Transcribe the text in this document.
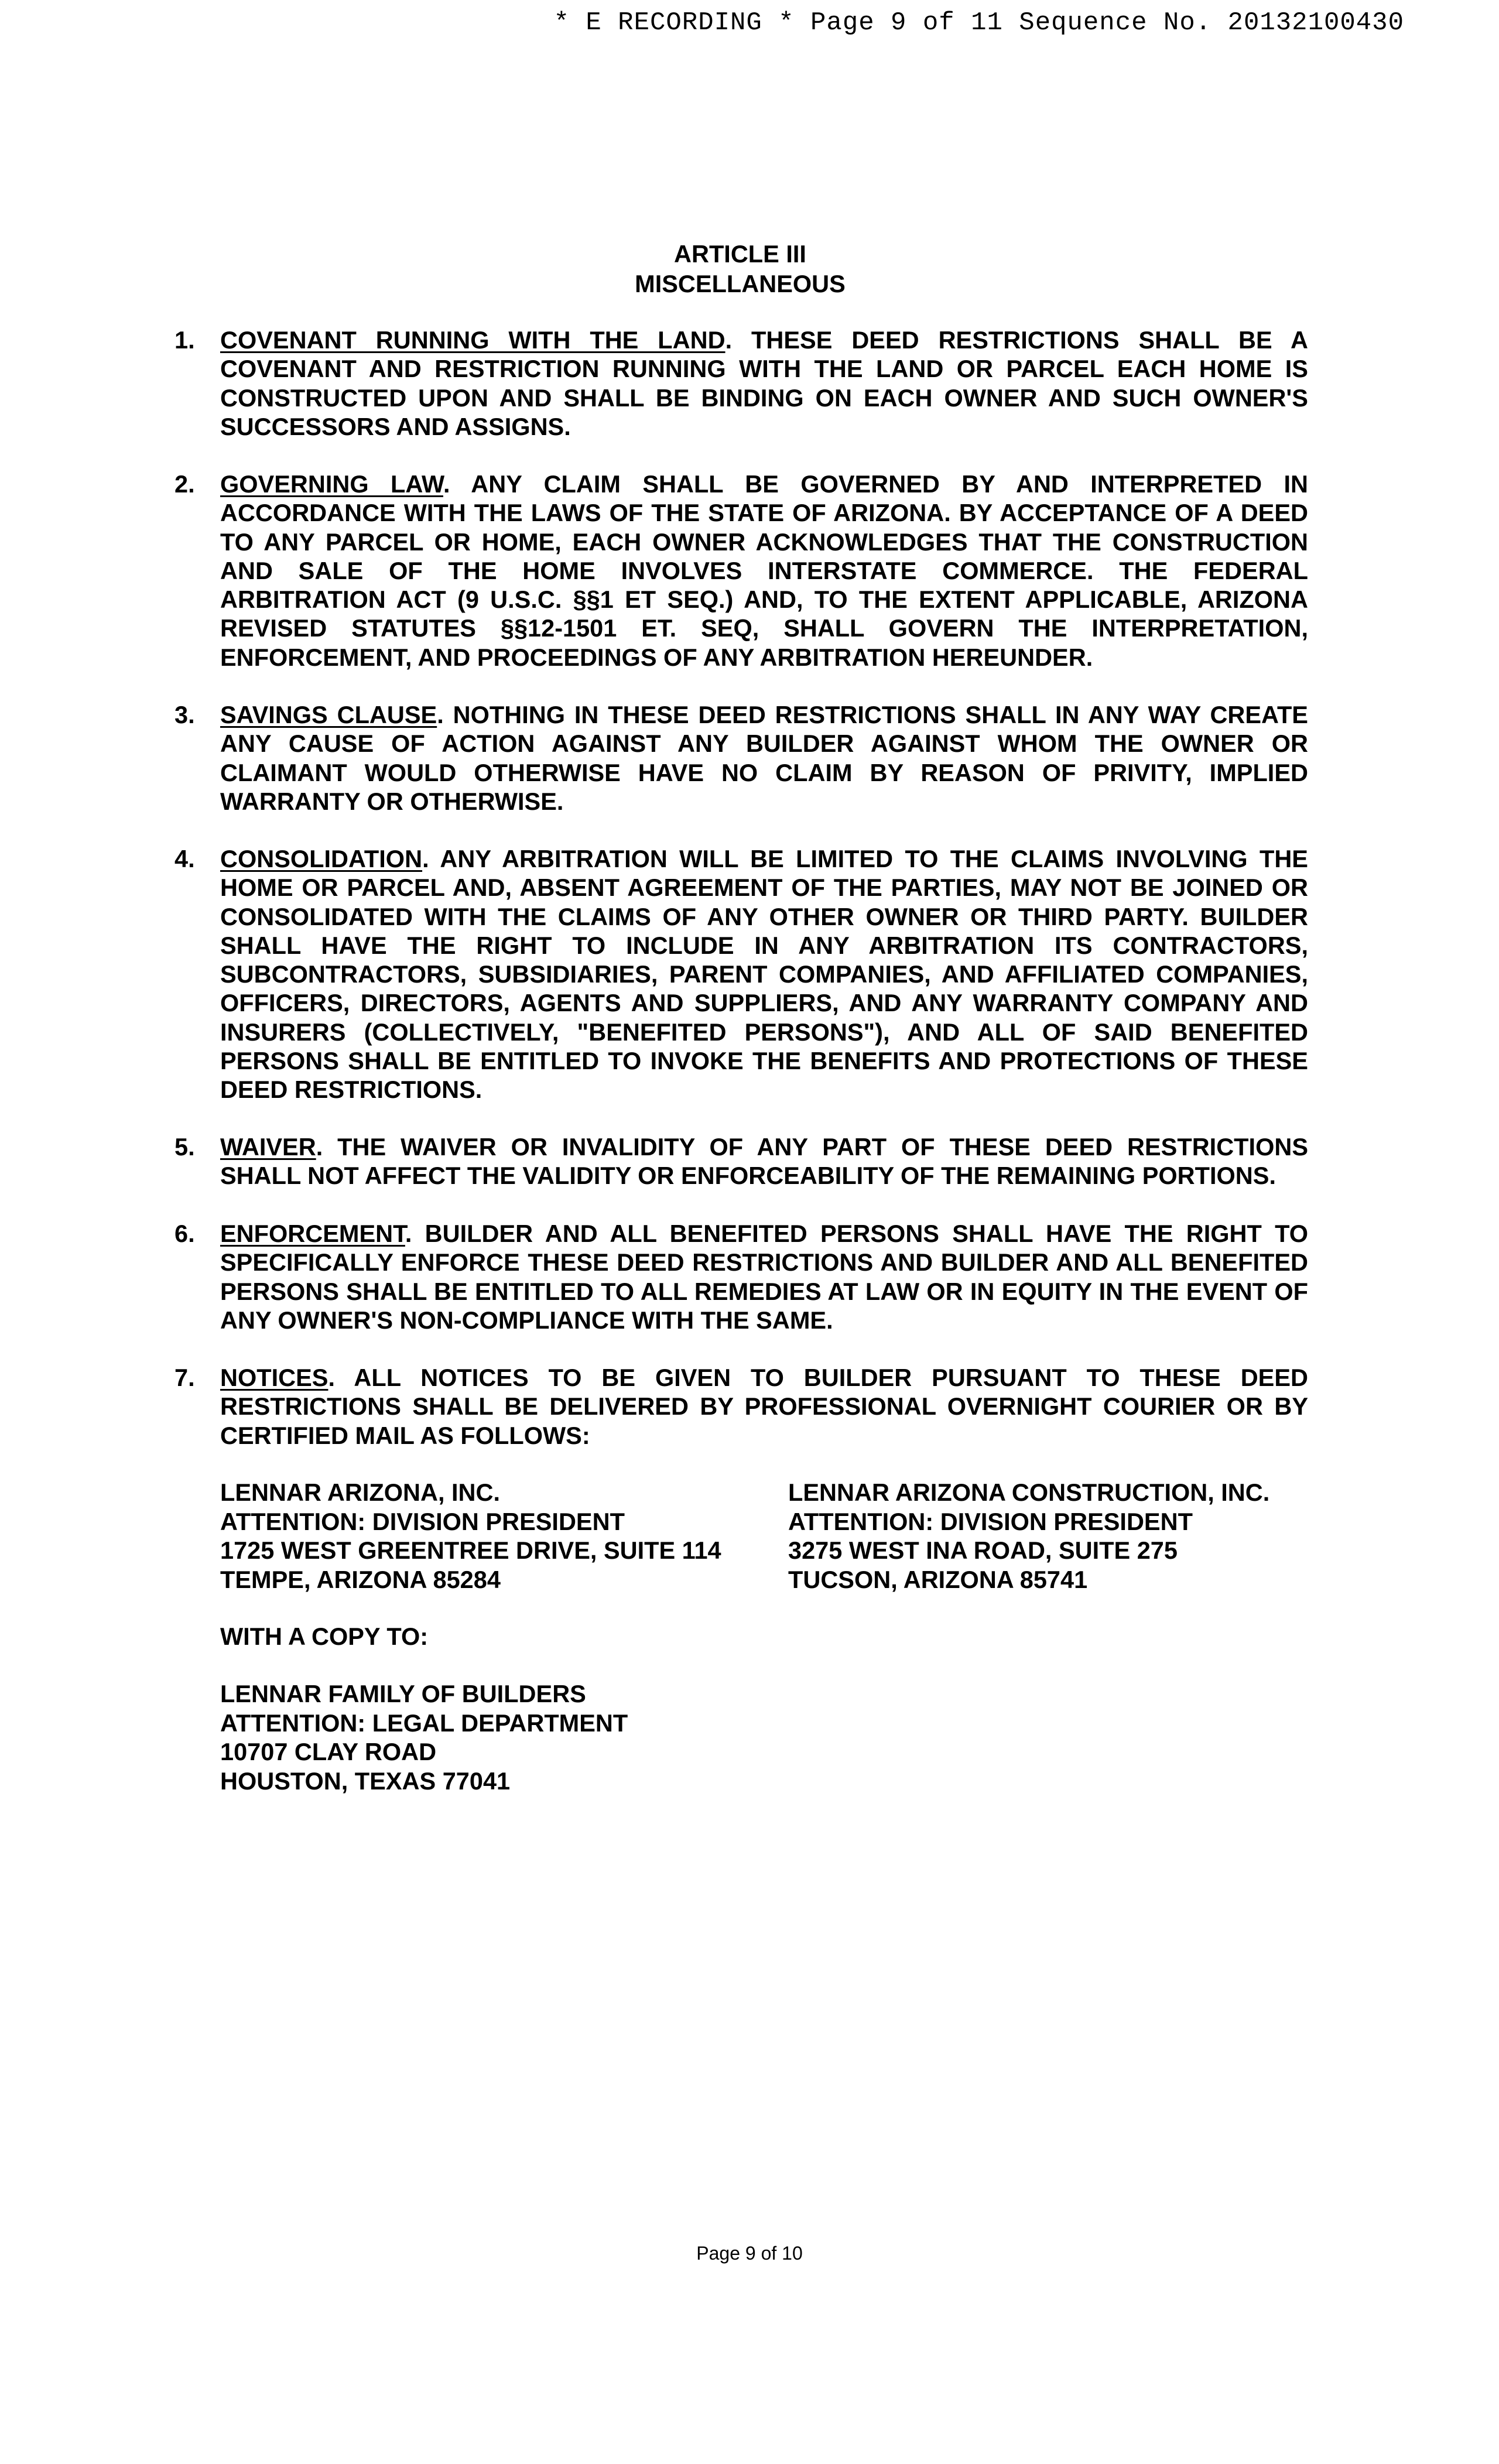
* E RECORDING * Page 9 of 11 Sequence No. 20132100430
ARTICLE III
MISCELLANEOUS
1. COVENANT RUNNING WITH THE LAND. THESE DEED RESTRICTIONS SHALL BE A COVENANT AND RESTRICTION RUNNING WITH THE LAND OR PARCEL EACH HOME IS CONSTRUCTED UPON AND SHALL BE BINDING ON EACH OWNER AND SUCH OWNER'S SUCCESSORS AND ASSIGNS.
2. GOVERNING LAW. ANY CLAIM SHALL BE GOVERNED BY AND INTERPRETED IN ACCORDANCE WITH THE LAWS OF THE STATE OF ARIZONA. BY ACCEPTANCE OF A DEED TO ANY PARCEL OR HOME, EACH OWNER ACKNOWLEDGES THAT THE CONSTRUCTION AND SALE OF THE HOME INVOLVES INTERSTATE COMMERCE. THE FEDERAL ARBITRATION ACT (9 U.S.C. §§1 ET SEQ.) AND, TO THE EXTENT APPLICABLE, ARIZONA REVISED STATUTES §§12-1501 ET. SEQ, SHALL GOVERN THE INTERPRETATION, ENFORCEMENT, AND PROCEEDINGS OF ANY ARBITRATION HEREUNDER.
3. SAVINGS CLAUSE. NOTHING IN THESE DEED RESTRICTIONS SHALL IN ANY WAY CREATE ANY CAUSE OF ACTION AGAINST ANY BUILDER AGAINST WHOM THE OWNER OR CLAIMANT WOULD OTHERWISE HAVE NO CLAIM BY REASON OF PRIVITY, IMPLIED WARRANTY OR OTHERWISE.
4. CONSOLIDATION. ANY ARBITRATION WILL BE LIMITED TO THE CLAIMS INVOLVING THE HOME OR PARCEL AND, ABSENT AGREEMENT OF THE PARTIES, MAY NOT BE JOINED OR CONSOLIDATED WITH THE CLAIMS OF ANY OTHER OWNER OR THIRD PARTY. BUILDER SHALL HAVE THE RIGHT TO INCLUDE IN ANY ARBITRATION ITS CONTRACTORS, SUBCONTRACTORS, SUBSIDIARIES, PARENT COMPANIES, AND AFFILIATED COMPANIES, OFFICERS, DIRECTORS, AGENTS AND SUPPLIERS, AND ANY WARRANTY COMPANY AND INSURERS (COLLECTIVELY, "BENEFITED PERSONS"), AND ALL OF SAID BENEFITED PERSONS SHALL BE ENTITLED TO INVOKE THE BENEFITS AND PROTECTIONS OF THESE DEED RESTRICTIONS.
5. WAIVER. THE WAIVER OR INVALIDITY OF ANY PART OF THESE DEED RESTRICTIONS SHALL NOT AFFECT THE VALIDITY OR ENFORCEABILITY OF THE REMAINING PORTIONS.
6. ENFORCEMENT. BUILDER AND ALL BENEFITED PERSONS SHALL HAVE THE RIGHT TO SPECIFICALLY ENFORCE THESE DEED RESTRICTIONS AND BUILDER AND ALL BENEFITED PERSONS SHALL BE ENTITLED TO ALL REMEDIES AT LAW OR IN EQUITY IN THE EVENT OF ANY OWNER'S NON-COMPLIANCE WITH THE SAME.
7. NOTICES. ALL NOTICES TO BE GIVEN TO BUILDER PURSUANT TO THESE DEED RESTRICTIONS SHALL BE DELIVERED BY PROFESSIONAL OVERNIGHT COURIER OR BY CERTIFIED MAIL AS FOLLOWS:
LENNAR ARIZONA, INC.
ATTENTION: DIVISION PRESIDENT
1725 WEST GREENTREE DRIVE, SUITE 114
TEMPE, ARIZONA 85284
LENNAR ARIZONA CONSTRUCTION, INC.
ATTENTION: DIVISION PRESIDENT
3275 WEST INA ROAD, SUITE 275
TUCSON, ARIZONA 85741
WITH A COPY TO:
LENNAR FAMILY OF BUILDERS
ATTENTION: LEGAL DEPARTMENT
10707 CLAY ROAD
HOUSTON, TEXAS 77041
Page 9 of 10
